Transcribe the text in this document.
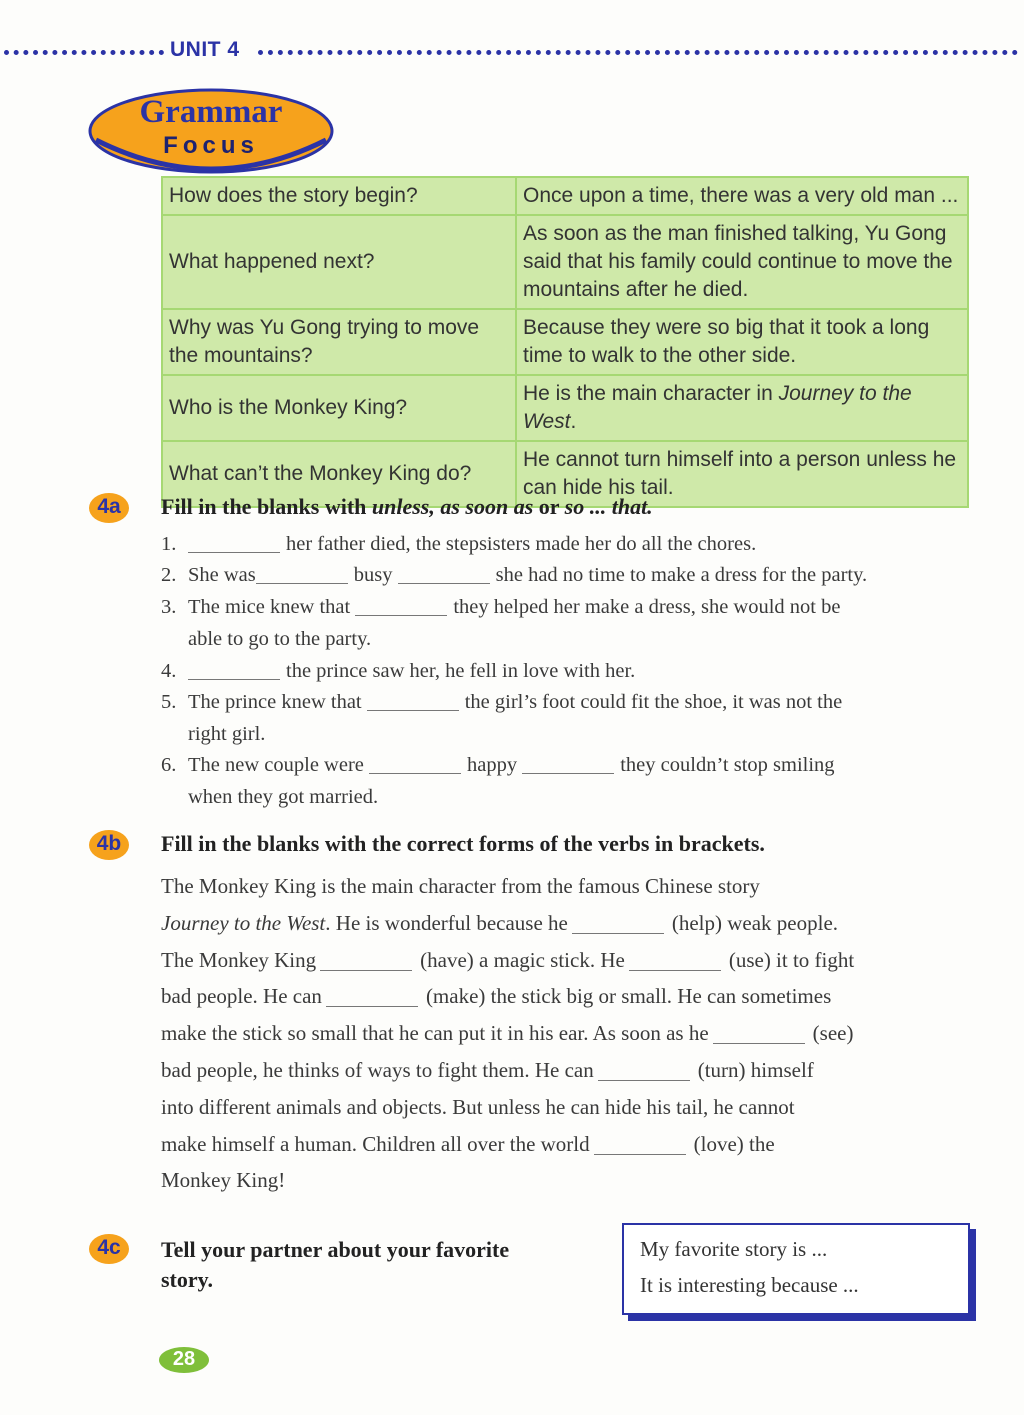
UNIT 4
Grammar
Focus
How does the story begin?	Once upon a time, there was a very old man ...
What happened next?	As soon as the man finished talking, Yu Gong said that his family could continue to move the mountains after he died.
Why was Yu Gong trying to move the mountains?	Because they were so big that it took a long time to walk to the other side.
Who is the Monkey King?	He is the main character in Journey to the West.
What can’t the Monkey King do?	He cannot turn himself into a person unless he can hide his tail.
4a	Fill in the blanks with unless, as soon as or so ... that.
1.	her father died, the stepsisters made her do all the chores.
2. She was	busy	she had no time to make a dress for the party.
3. The mice knew that	they helped her make a dress, she would not be
able to go to the party.
4.	the prince saw her, he fell in love with her.
5. The prince knew that	the girl’s foot could fit the shoe, it was not the
right girl.
6. The new couple were	happy	they couldn’t stop smiling
when they got married.
4b	Fill in the blanks with the correct forms of the verbs in brackets.
The Monkey King is the main character from the famous Chinese story
Journey to the West. He is wonderful because he	(help) weak people.
The Monkey King	(have) a magic stick. He	(use) it to fight
bad people. He can	(make) the stick big or small. He can sometimes
make the stick so small that he can put it in his ear. As soon as he	(see)
bad people, he thinks of ways to fight them. He can	(turn) himself
into different animals and objects. But unless he can hide his tail, he cannot
make himself a human. Children all over the world	(love) the
Monkey King!
4c	Tell your partner about your favorite
story.
My favorite story is ...
It is interesting because ...
28
